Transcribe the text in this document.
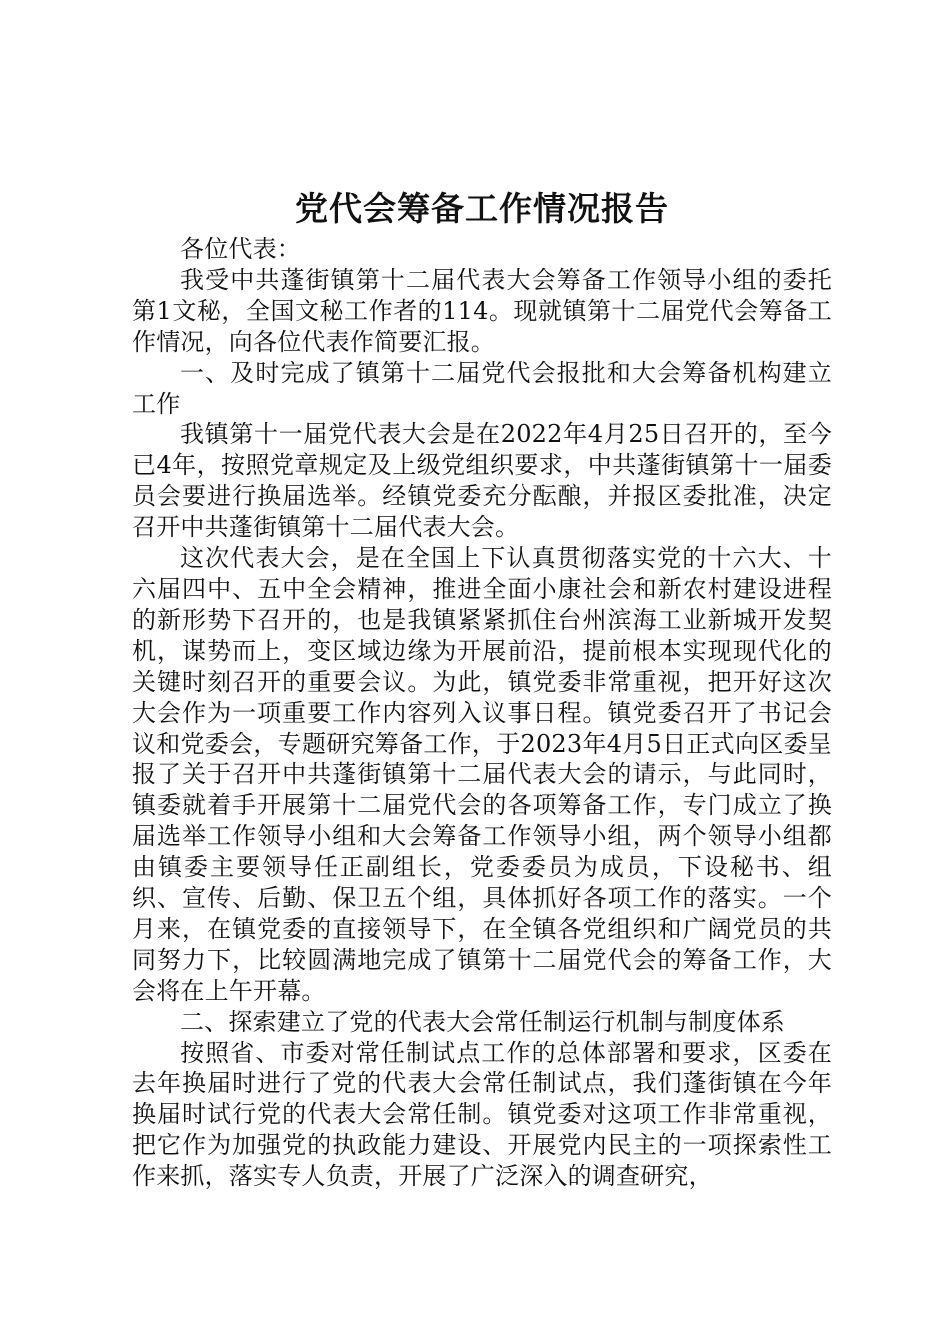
党代会筹备工作情况报告

各位代表：

我受中共蓬街镇第十二届代表大会筹备工作领导小组的委托第1文秘，全国文秘工作者的114。现就镇第十二届党代会筹备工作情况，向各位代表作简要汇报。

一、及时完成了镇第十二届党代会报批和大会筹备机构建立工作

我镇第十一届党代表大会是在2022年4月25日召开的，至今已4年，按照党章规定及上级党组织要求，中共蓬街镇第十一届委员会要进行换届选举。经镇党委充分酝酿，并报区委批准，决定召开中共蓬街镇第十二届代表大会。

这次代表大会，是在全国上下认真贯彻落实党的十六大、十六届四中、五中全会精神，推进全面小康社会和新农村建设进程的新形势下召开的，也是我镇紧紧抓住台州滨海工业新城开发契机，谋势而上，变区域边缘为开展前沿，提前根本实现现代化的关键时刻召开的重要会议。为此，镇党委非常重视，把开好这次大会作为一项重要工作内容列入议事日程。镇党委召开了书记会议和党委会，专题研究筹备工作，于2023年4月5日正式向区委呈报了关于召开中共蓬街镇第十二届代表大会的请示，与此同时，镇委就着手开展第十二届党代会的各项筹备工作，专门成立了换届选举工作领导小组和大会筹备工作领导小组，两个领导小组都由镇委主要领导任正副组长，党委委员为成员，下设秘书、组织、宣传、后勤、保卫五个组，具体抓好各项工作的落实。一个月来，在镇党委的直接领导下，在全镇各党组织和广阔党员的共同努力下，比较圆满地完成了镇第十二届党代会的筹备工作，大会将在上午开幕。

二、探索建立了党的代表大会常任制运行机制与制度体系

按照省、市委对常任制试点工作的总体部署和要求，区委在去年换届时进行了党的代表大会常任制试点，我们蓬街镇在今年换届时试行党的代表大会常任制。镇党委对这项工作非常重视，把它作为加强党的执政能力建设、开展党内民主的一项探索性工作来抓，落实专人负责，开展了广泛深入的调查研究，
